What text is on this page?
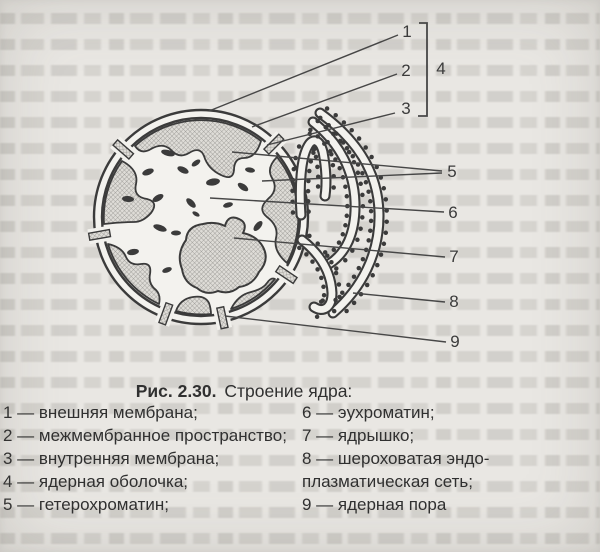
1
2
3
4
5
6
7
8
9
Рис. 2.30. Строение ядра:
1 — внешняя мембрана;
2 — межмембранное пространство;
3 — внутренняя мембрана;
4 — ядерная оболочка;
5 — гетерохроматин;
6 — эухроматин;
7 — ядрышко;
8 — шероховатая эндо-
плазматическая сеть;
9 — ядерная пора
